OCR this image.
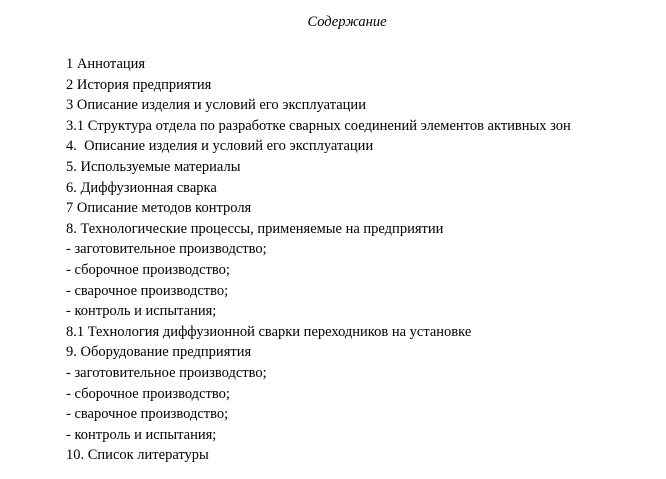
Содержание
1 Аннотация
2 История предприятия
3 Описание изделия и условий его эксплуатации
3.1 Структура отдела по разработке сварных соединений элементов активных зон
4.  Описание изделия и условий его эксплуатации
5. Используемые материалы
6. Диффузионная сварка
7 Описание методов контроля
8. Технологические процессы, применяемые на предприятии
- заготовительное производство;
- сборочное производство;
- сварочное производство;
- контроль и испытания;
8.1 Технология диффузионной сварки переходников на установке
9. Оборудование предприятия
- заготовительное производство;
- сборочное производство;
- сварочное производство;
- контроль и испытания;
10. Список литературы
